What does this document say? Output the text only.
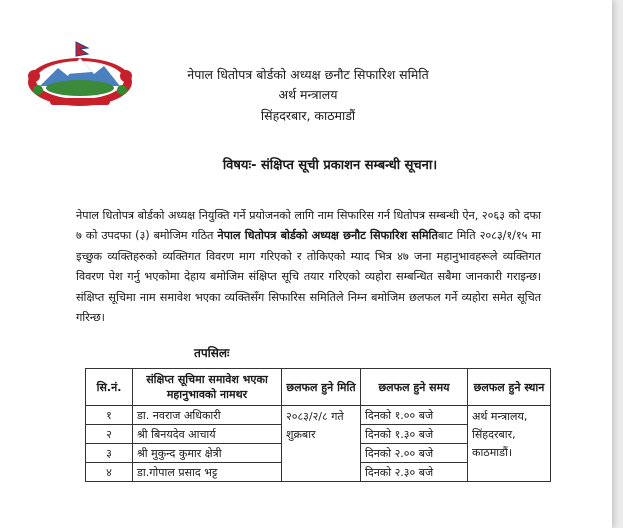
नेपाल धितोपत्र बोर्डको अध्यक्ष छनौट सिफारिश समिति
अर्थ मन्त्रालय
सिंहदरबार, काठमाडौं
विषयः- संक्षिप्त सूची प्रकाशन सम्बन्धी सूचना।
नेपाल धितोपत्र बोर्डको अध्यक्ष नियुक्ति गर्ने प्रयोजनको लागि नाम सिफारिस गर्न धितोपत्र सम्बन्धी ऐन, २०६३ को दफा ७ को उपदफा (३) बमोजिम गठित नेपाल धितोपत्र बोर्डको अध्यक्ष छनौट सिफारिश समितिबाट मिति २०८३/१/१५ मा इच्छुक व्यक्तिहरुको व्यक्तिगत विवरण माग गरिएको र तोकिएको म्याद भित्र ४७ जना महानुभावहरूले व्यक्तिगत विवरण पेश गर्नु भएकोमा देहाय बमोजिम संक्षिप्त सूचि तयार गरिएको व्यहोरा सम्बन्धित सबैमा जानकारी गराइन्छ। संक्षिप्त सूचिमा नाम समावेश भएका व्यक्तिसँग सिफारिस समितिले निम्न बमोजिम छलफल गर्ने व्यहोरा समेत सूचित गरिन्छ।
तपसिलः
सि.नं.	संक्षिप्त सूचिमा समावेश भएका महानुभावको नामथर	छलफल हुने मिति	छलफल हुने समय	छलफल हुने स्थान
१	डा. नवराज अधिकारी	२०८३/२/८ गते शुक्रबार	दिनको १.०० बजे	अर्थ मन्त्रालय, सिंहदरबार, काठमाडौं।
२	श्री बिनयदेव आचार्य		दिनको १.३० बजे	
३	श्री मुकुन्द कुमार क्षेत्री		दिनको २.०० बजे	
४	डा.गोपाल प्रसाद भट्ट		दिनको २.३० बजे	
